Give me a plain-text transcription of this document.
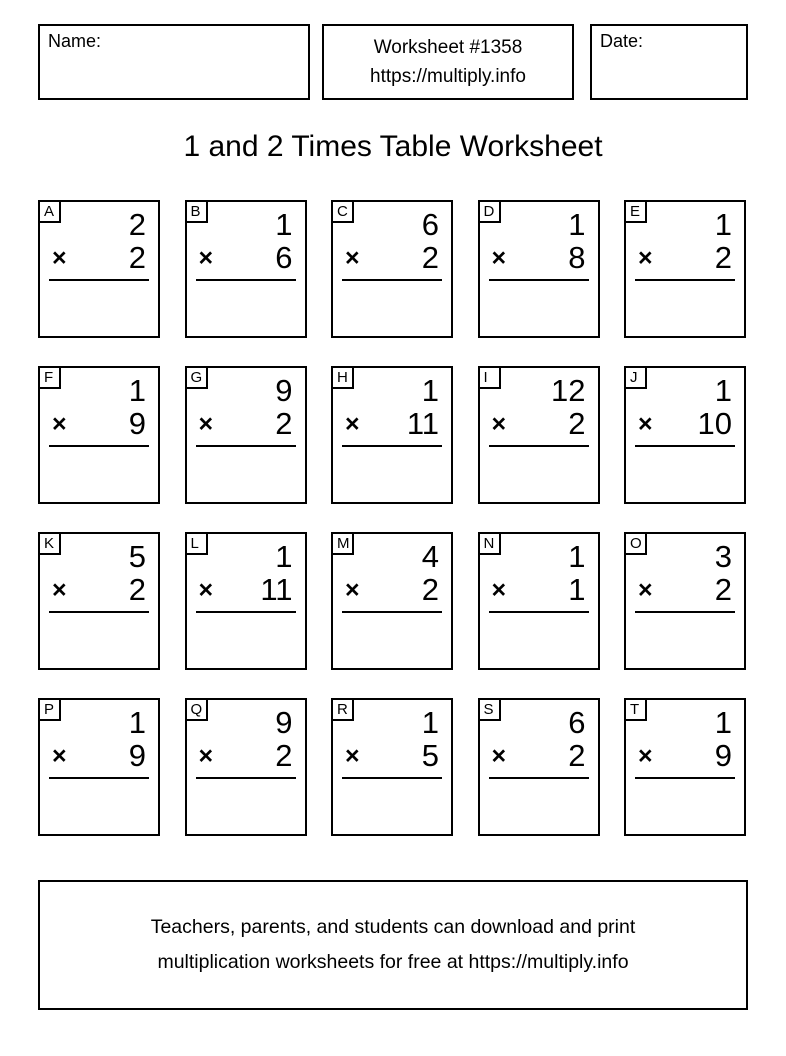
Name:	Worksheet #1358
https://multiply.info
Date:
1 and 2 Times Table Worksheet
A	2
× 2
B	1
× 6
C	6
× 2
D	1
× 8
E	1
× 2
F	1
× 9
G	9
× 2
H	1
× 11
I	12
× 2
J	1
× 10
K	5
× 2
L	1
× 11
M	4
× 2
N	1
× 1
O	3
× 2
P	1
× 9
Q	9
× 2
R	1
× 5
S	6
× 2
T	1
× 9
Teachers, parents, and students can download and print
multiplication worksheets for free at https://multiply.info
